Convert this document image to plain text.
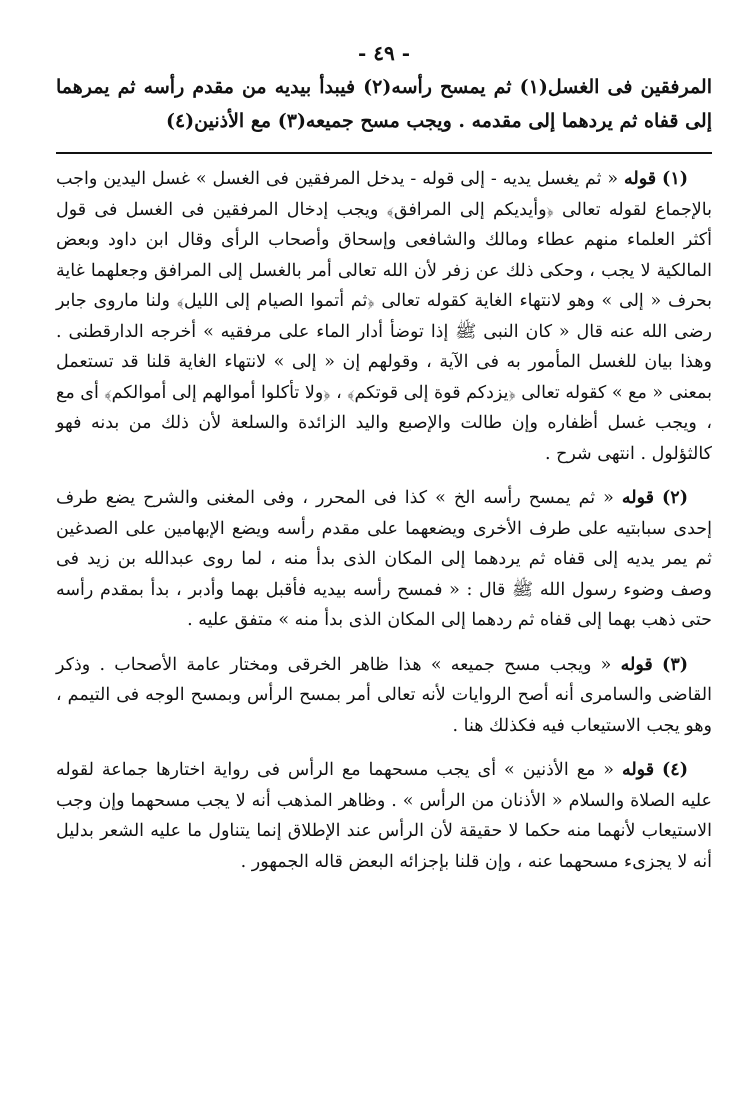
- ٤٩ -

المرفقين فى الغسل(١) ثم يمسح رأسه(٢) فيبدأ بيديه من مقدم رأسه ثم يمرهما إلى قفاه ثم يردهما إلى مقدمه . ويجب مسح جميعه(٣) مع الأذنين(٤)

(١) قوله « ثم يغسل يديه - إلى قوله - يدخل المرفقين فى الغسل » غسل اليدين واجب بالإجماع لقوله تعالى ﴿وأيديكم إلى المرافق﴾ ويجب إدخال المرفقين فى الغسل فى قول أكثر العلماء منهم عطاء ومالك والشافعى وإسحاق وأصحاب الرأى وقال ابن داود وبعض المالكية لا يجب ، وحكى ذلك عن زفر لأن الله تعالى أمر بالغسل إلى المرافق وجعلهما غاية بحرف « إلى » وهو لانتهاء الغاية كقوله تعالى ﴿ثم أتموا الصيام إلى الليل﴾ ولنا ماروى جابر رضى الله عنه قال « كان النبى ﷺ إذا توضأ أدار الماء على مرفقيه » أخرجه الدارقطنى . وهذا بيان للغسل المأمور به فى الآية ، وقولهم إن « إلى » لانتهاء الغاية قلنا قد تستعمل بمعنى « مع » كقوله تعالى ﴿يزدكم قوة إلى قوتكم﴾ ، ﴿ولا تأكلوا أموالهم إلى أموالكم﴾ أى مع ، ويجب غسل أظفاره وإن طالت والإصبع واليد الزائدة والسلعة لأن ذلك من بدنه فهو كالثؤلول . انتهى شرح .

(٢) قوله « ثم يمسح رأسه الخ » كذا فى المحرر ، وفى المغنى والشرح يضع طرف إحدى سبابتيه على طرف الأخرى ويضعهما على مقدم رأسه ويضع الإبهامين على الصدغين ثم يمر يديه إلى قفاه ثم يردهما إلى المكان الذى بدأ منه ، لما روى عبدالله بن زيد فى وصف وضوء رسول الله ﷺ قال : « فمسح رأسه بيديه فأقبل بهما وأدبر ، بدأ بمقدم رأسه حتى ذهب بهما إلى قفاه ثم ردهما إلى المكان الذى بدأ منه » متفق عليه .

(٣) قوله « ويجب مسح جميعه » هذا ظاهر الخرقى ومختار عامة الأصحاب . وذكر القاضى والسامرى أنه أصح الروايات لأنه تعالى أمر بمسح الرأس وبمسح الوجه فى التيمم ، وهو يجب الاستيعاب فيه فكذلك هنا .

(٤) قوله « مع الأذنين » أى يجب مسحهما مع الرأس فى رواية اختارها جماعة لقوله عليه الصلاة والسلام « الأذنان من الرأس » . وظاهر المذهب أنه لا يجب مسحهما وإن وجب الاستيعاب لأنهما منه حكما لا حقيقة لأن الرأس عند الإطلاق إنما يتناول ما عليه الشعر بدليل أنه لا يجزىء مسحهما عنه ، وإن قلنا بإجزائه البعض قاله الجمهور .
